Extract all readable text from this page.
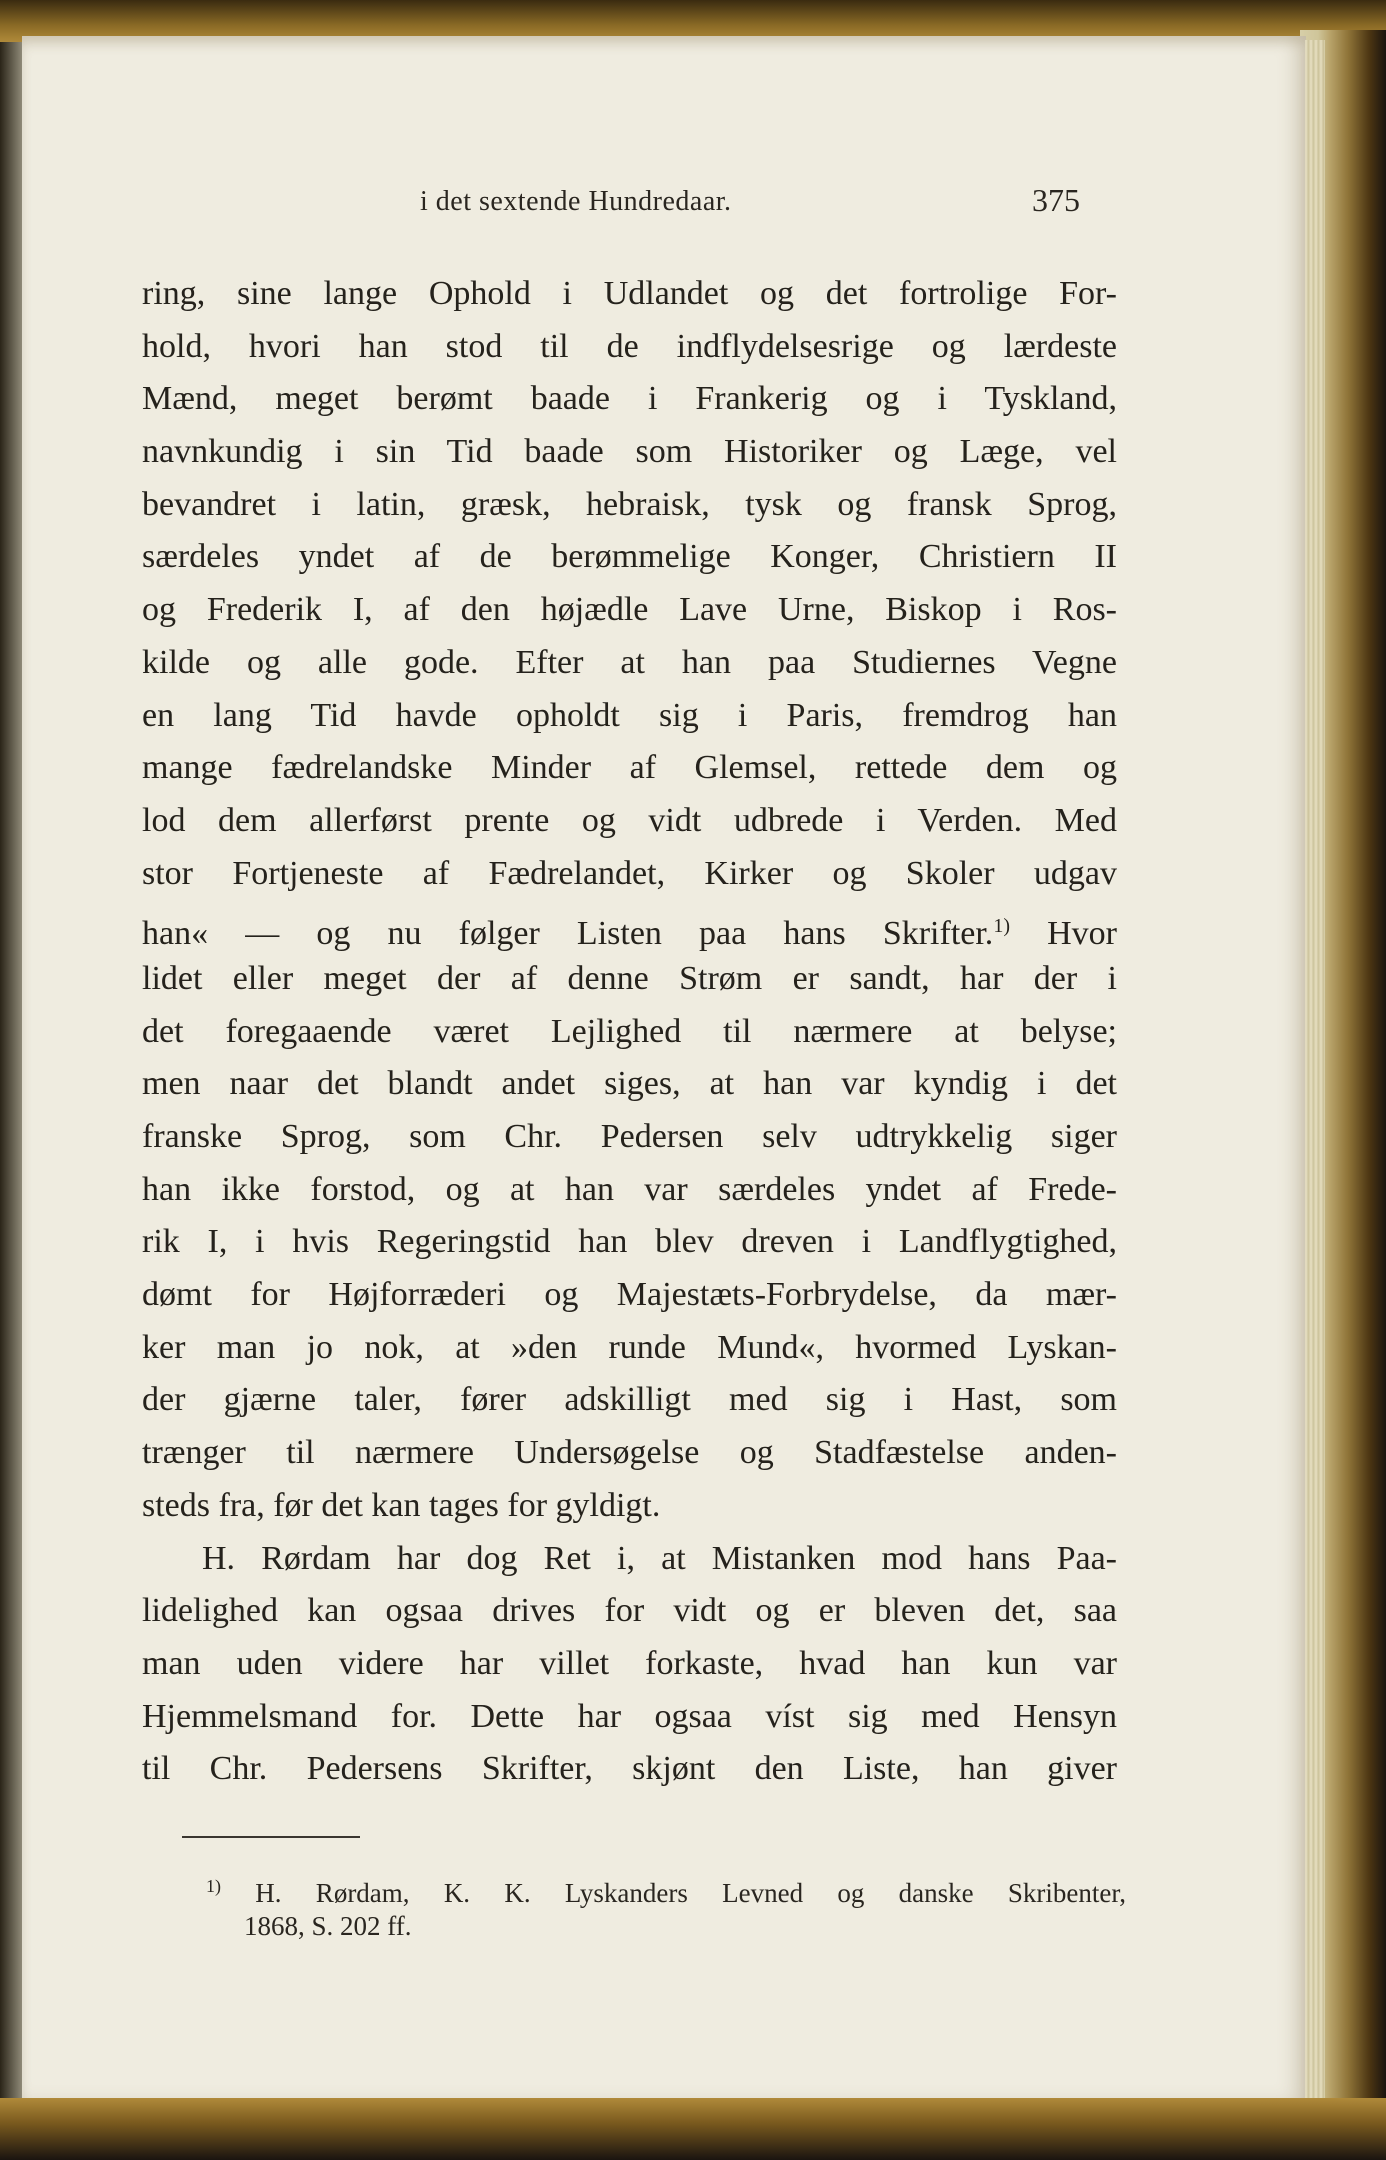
i det sextende Hundredaar.	375
ring, sine lange Ophold i Udlandet og det fortrolige For-
hold, hvori han stod til de indflydelsesrige og lærdeste
Mænd, meget berømt baade i Frankerig og i Tyskland,
navnkundig i sin Tid baade som Historiker og Læge, vel
bevandret i latin, græsk, hebraisk, tysk og fransk Sprog,
særdeles yndet af de berømmelige Konger, Christiern II
og Frederik I, af den højædle Lave Urne, Biskop i Ros-
kilde og alle gode. Efter at han paa Studiernes Vegne
en lang Tid havde opholdt sig i Paris, fremdrog han
mange fædrelandske Minder af Glemsel, rettede dem og
lod dem allerførst prente og vidt udbrede i Verden. Med
stor Fortjeneste af Fædrelandet, Kirker og Skoler udgav
han« — og nu følger Listen paa hans Skrifter.$^{1)}$ Hvor
lidet eller meget der af denne Strøm er sandt, har der i
det foregaaende været Lejlighed til nærmere at belyse;
men naar det blandt andet siges, at han var kyndig i det
franske Sprog, som Chr. Pedersen selv udtrykkelig siger
han ikke forstod, og at han var særdeles yndet af Frede-
rik I, i hvis Regeringstid han blev dreven i Landflygtighed,
dømt for Højforræderi og Majestæts-Forbrydelse, da mær-
ker man jo nok, at »den runde Mund«, hvormed Lyskan-
der gjærne taler, fører adskilligt med sig i Hast, som
trænger til nærmere Undersøgelse og Stadfæstelse anden-
steds fra, før det kan tages for gyldigt.
H. Rørdam har dog Ret i, at Mistanken mod hans Paa-
lidelighed kan ogsaa drives for vidt og er bleven det, saa
man uden videre har villet forkaste, hvad han kun var
Hjemmelsmand for. Dette har ogsaa víst sig med Hensyn
til Chr. Pedersens Skrifter, skjønt den Liste, han giver
$^{1)}$ H. Rørdam, K. K. Lyskanders Levned og danske Skribenter,
1868, S. 202 ff.
